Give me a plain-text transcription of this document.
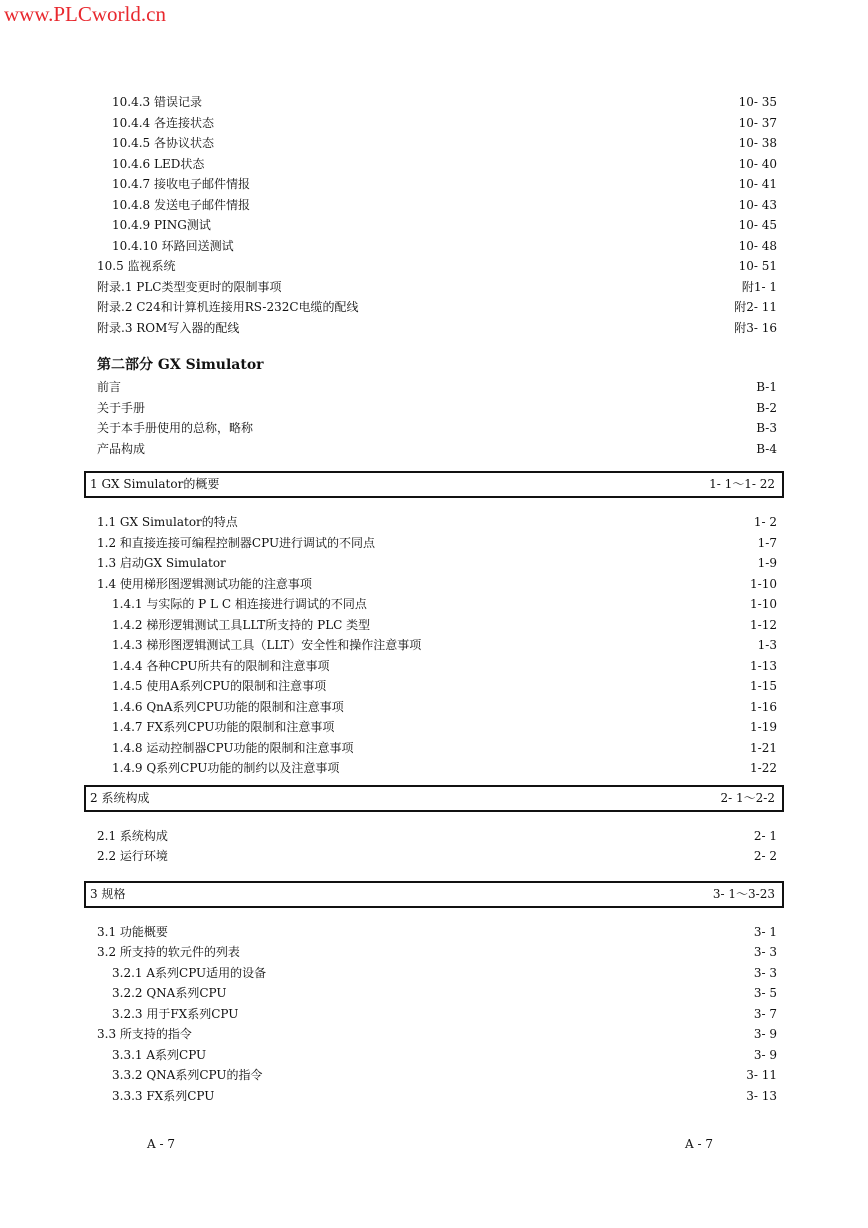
www.PLCworld.cn
10.4.3 错误记录	10- 35
10.4.4 各连接状态	10- 37
10.4.5 各协议状态	10- 38
10.4.6 LED状态	10- 40
10.4.7 接收电子邮件情报	10- 41
10.4.8 发送电子邮件情报	10- 43
10.4.9 PING测试	10- 45
10.4.10 环路回送测试	10- 48
10.5 监视系统	10- 51
附录.1 PLC类型变更时的限制事项	附1- 1
附录.2 C24和计算机连接用RS-232C电缆的配线	附2- 11
附录.3 ROM写入器的配线	附3- 16
第二部分 GX Simulator
前言	B-1
关于手册	B-2
关于本手册使用的总称，略称	B-3
产品构成	B-4
1 GX Simulator的概要	1- 1～1- 22
1.1 GX Simulator的特点	1- 2
1.2 和直接连接可编程控制器CPU进行调试的不同点	1-7
1.3 启动GX Simulator	1-9
1.4 使用梯形图逻辑测试功能的注意事项	1-10
1.4.1 与实际的 P L C 相连接进行调试的不同点	1-10
1.4.2 梯形逻辑测试工具LLT所支持的 PLC 类型	1-12
1.4.3 梯形图逻辑测试工具（LLT）安全性和操作注意事项	1-3
1.4.4 各种CPU所共有的限制和注意事项	1-13
1.4.5 使用A系列CPU的限制和注意事项	1-15
1.4.6 QnA系列CPU功能的限制和注意事项	1-16
1.4.7 FX系列CPU功能的限制和注意事项	1-19
1.4.8 运动控制器CPU功能的限制和注意事项	1-21
1.4.9 Q系列CPU功能的制约以及注意事项	1-22
2 系统构成	2- 1～2-2
2.1 系统构成	2- 1
2.2 运行环境	2- 2
3 规格	3- 1～3-23
3.1 功能概要	3- 1
3.2 所支持的软元件的列表	3- 3
3.2.1 A系列CPU适用的设备	3- 3
3.2.2 QNA系列CPU	3- 5
3.2.3 用于FX系列CPU	3- 7
3.3 所支持的指令	3- 9
3.3.1 A系列CPU	3- 9
3.3.2 QNA系列CPU的指令	3- 11
3.3.3 FX系列CPU	3- 13
A - 7	A - 7
